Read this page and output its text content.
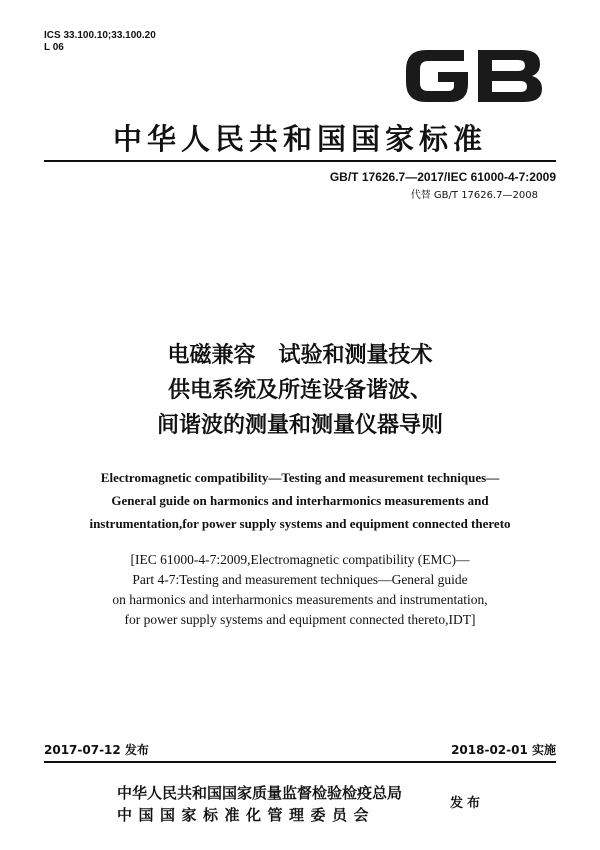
ICS 33.100.10;33.100.20
L 06
中华人民共和国国家标准
GB/T 17626.7—2017/IEC 61000-4-7:2009
代替 GB/T 17626.7—2008
电磁兼容   试验和测量技术
供电系统及所连设备谐波、
间谐波的测量和测量仪器导则
Electromagnetic compatibility—Testing and measurement techniques—
General guide on harmonics and interharmonics measurements and
instrumentation,for power supply systems and equipment connected thereto
[IEC 61000-4-7:2009,Electromagnetic compatibility (EMC)—
Part 4-7:Testing and measurement techniques—General guide
on harmonics and interharmonics measurements and instrumentation,
for power supply systems and equipment connected thereto,IDT]
2017-07-12 发布	2018-02-01 实施
中华人民共和国国家质量监督检验检疫总局
中国国家标准化管理委员会
发布
